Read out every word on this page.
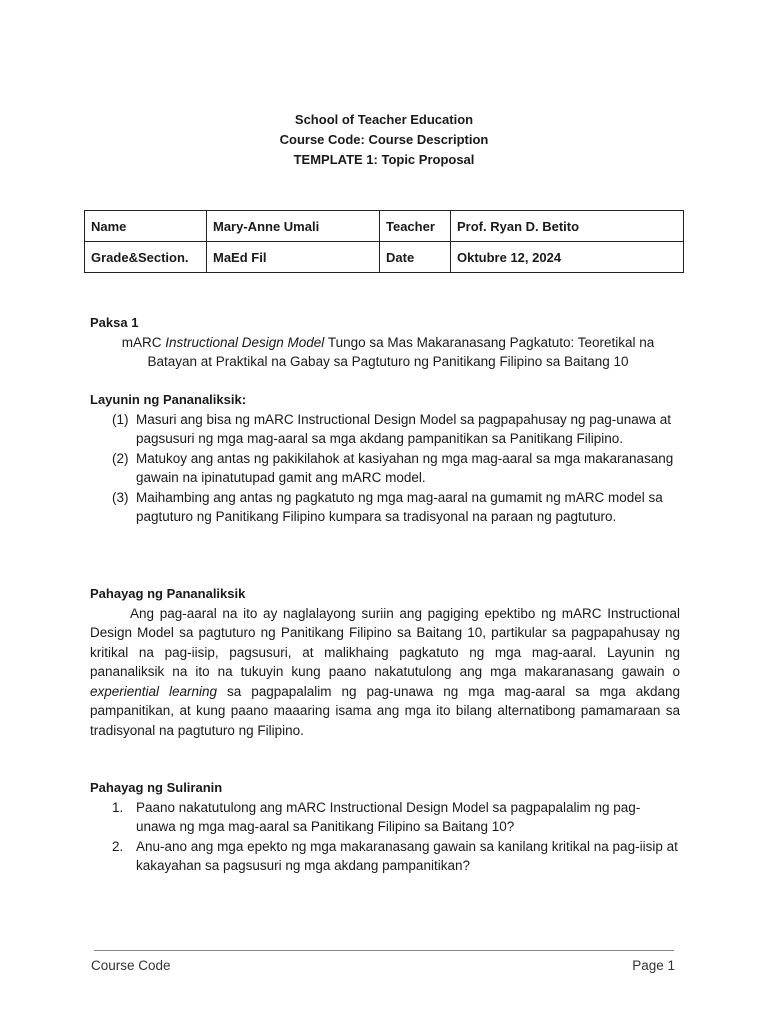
School of Teacher Education
Course Code: Course Description
TEMPLATE 1: Topic Proposal
Name	Mary-Anne Umali	Teacher	Prof. Ryan D. Betito
Grade&Section.	MaEd Fil	Date	Oktubre 12, 2024
Paksa 1
mARC Instructional Design Model Tungo sa Mas Makaranasang Pagkatuto: Teoretikal na Batayan at Praktikal na Gabay sa Pagtuturo ng Panitikang Filipino sa Baitang 10
Layunin ng Pananaliksik:
(1) Masuri ang bisa ng mARC Instructional Design Model sa pagpapahusay ng pag-unawa at pagsusuri ng mga mag-aaral sa mga akdang pampanitikan sa Panitikang Filipino.
(2) Matukoy ang antas ng pakikilahok at kasiyahan ng mga mag-aaral sa mga makaranasang gawain na ipinatutupad gamit ang mARC model.
(3) Maihambing ang antas ng pagkatuto ng mga mag-aaral na gumamit ng mARC model sa pagtuturo ng Panitikang Filipino kumpara sa tradisyonal na paraan ng pagtuturo.
Pahayag ng Pananaliksik
Ang pag-aaral na ito ay naglalayong suriin ang pagiging epektibo ng mARC Instructional Design Model sa pagtuturo ng Panitikang Filipino sa Baitang 10, partikular sa pagpapahusay ng kritikal na pag-iisip, pagsusuri, at malikhaing pagkatuto ng mga mag-aaral. Layunin ng pananaliksik na ito na tukuyin kung paano nakatutulong ang mga makaranasang gawain o experiential learning sa pagpapalalim ng pag-unawa ng mga mag-aaral sa mga akdang pampanitikan, at kung paano maaaring isama ang mga ito bilang alternatibong pamamaraan sa tradisyonal na pagtuturo ng Filipino.
Pahayag ng Suliranin
1. Paano nakatutulong ang mARC Instructional Design Model sa pagpapalalim ng pag-unawa ng mga mag-aaral sa Panitikang Filipino sa Baitang 10?
2. Anu-ano ang mga epekto ng mga makaranasang gawain sa kanilang kritikal na pag-iisip at kakayahan sa pagsusuri ng mga akdang pampanitikan?
Course Code	Page 1
